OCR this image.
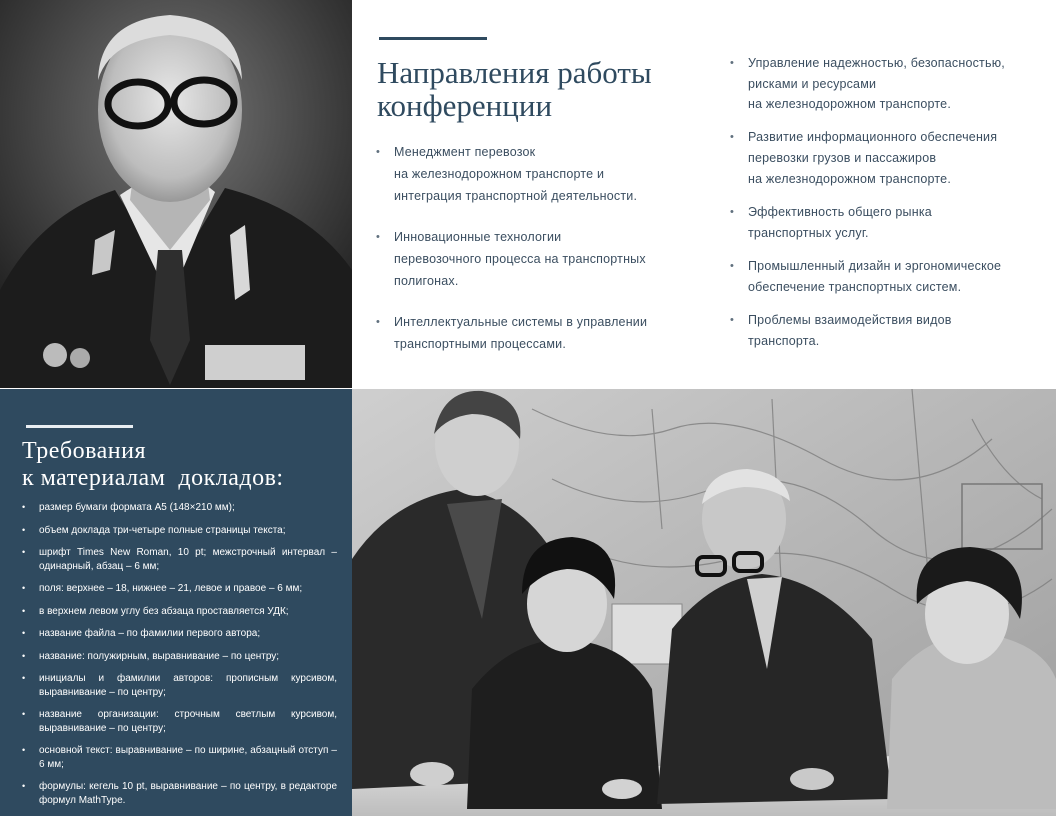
Направления работы
конференции
• Менеджмент перевозок
на железнодорожном транспорте и
интеграция транспортной деятельности.
• Инновационные технологии
перевозочного процесса на транспортных
полигонах.
• Интеллектуальные системы в управлении
транспортными процессами.
• Управление надежностью, безопасностью,
рисками и ресурсами
на железнодорожном транспорте.
• Развитие информационного обеспечения
перевозки грузов и пассажиров
на железнодорожном транспорте.
• Эффективность общего рынка
транспортных услуг.
• Промышленный дизайн и эргономическое
обеспечение транспортных систем.
• Проблемы взаимодействия видов
транспорта.
Требования
к материалам  докладов:
• размер бумаги формата А5 (148×210 мм);
• объем доклада три-четыре полные страницы текста;
• шрифт Times New Roman, 10 pt; межстрочный интервал – одинарный, абзац – 6 мм;
• поля: верхнее – 18, нижнее – 21, левое и правое – 6 мм;
• в верхнем левом углу без абзаца проставляется УДК;
• название файла – по фамилии первого автора;
• название: полужирным, выравнивание – по центру;
• инициалы и фамилии авторов: прописным курсивом, выравнивание – по центру;
• название организации: строчным светлым курсивом, выравнивание – по центру;
• основной текст: выравнивание – по ширине, абзацный отступ – 6 мм;
• формулы: кегель 10 pt, выравнивание – по центру, в редакторе формул MathType.
